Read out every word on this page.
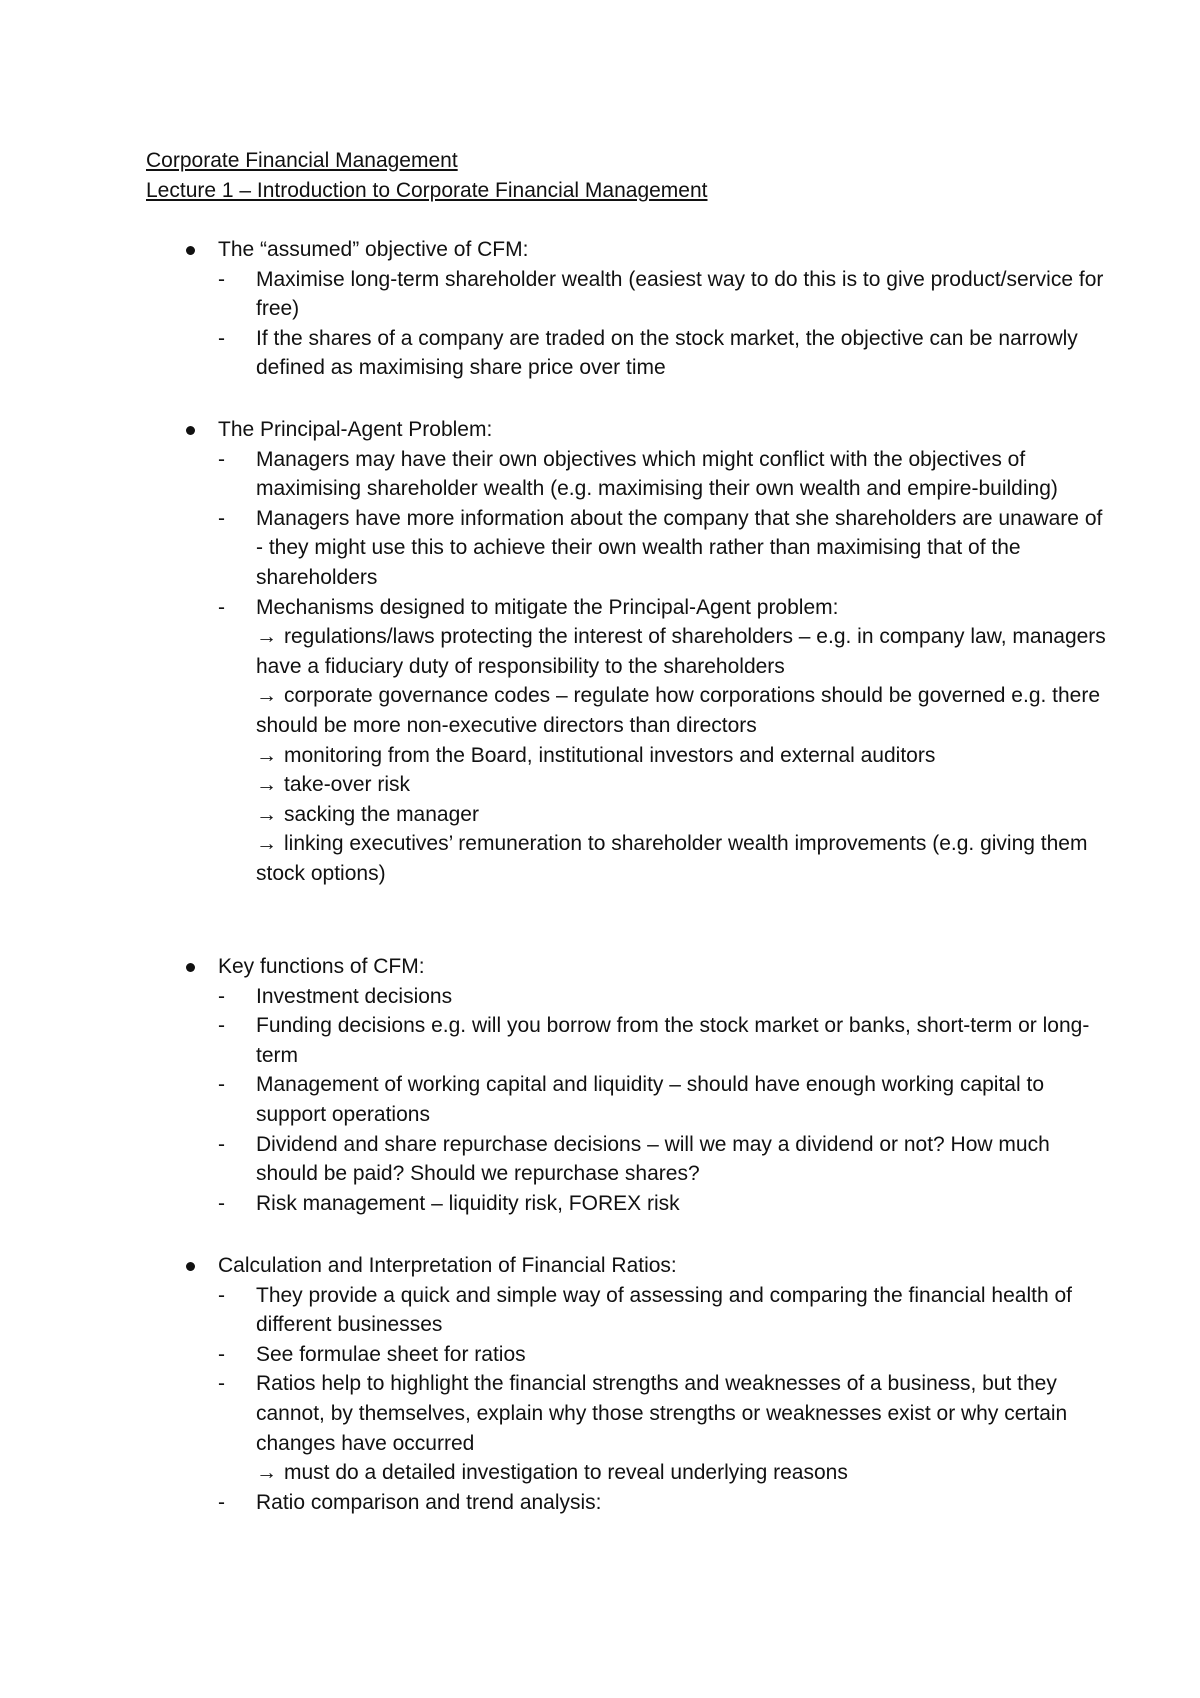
Corporate Financial Management
Lecture 1 – Introduction to Corporate Financial Management
The “assumed” objective of CFM:
- Maximise long-term shareholder wealth (easiest way to do this is to give product/service for free)
- If the shares of a company are traded on the stock market, the objective can be narrowly defined as maximising share price over time
The Principal-Agent Problem:
- Managers may have their own objectives which might conflict with the objectives of maximising shareholder wealth (e.g. maximising their own wealth and empire-building)
- Managers have more information about the company that she shareholders are unaware of - they might use this to achieve their own wealth rather than maximising that of the shareholders
- Mechanisms designed to mitigate the Principal-Agent problem:
→ regulations/laws protecting the interest of shareholders – e.g. in company law, managers have a fiduciary duty of responsibility to the shareholders
→ corporate governance codes – regulate how corporations should be governed e.g. there should be more non-executive directors than directors
→ monitoring from the Board, institutional investors and external auditors
→ take-over risk
→ sacking the manager
→ linking executives’ remuneration to shareholder wealth improvements (e.g. giving them stock options)
Key functions of CFM:
- Investment decisions
- Funding decisions e.g. will you borrow from the stock market or banks, short-term or long-term
- Management of working capital and liquidity – should have enough working capital to support operations
- Dividend and share repurchase decisions – will we may a dividend or not? How much should be paid? Should we repurchase shares?
- Risk management – liquidity risk, FOREX risk
Calculation and Interpretation of Financial Ratios:
- They provide a quick and simple way of assessing and comparing the financial health of different businesses
- See formulae sheet for ratios
- Ratios help to highlight the financial strengths and weaknesses of a business, but they cannot, by themselves, explain why those strengths or weaknesses exist or why certain changes have occurred
→ must do a detailed investigation to reveal underlying reasons
- Ratio comparison and trend analysis:
